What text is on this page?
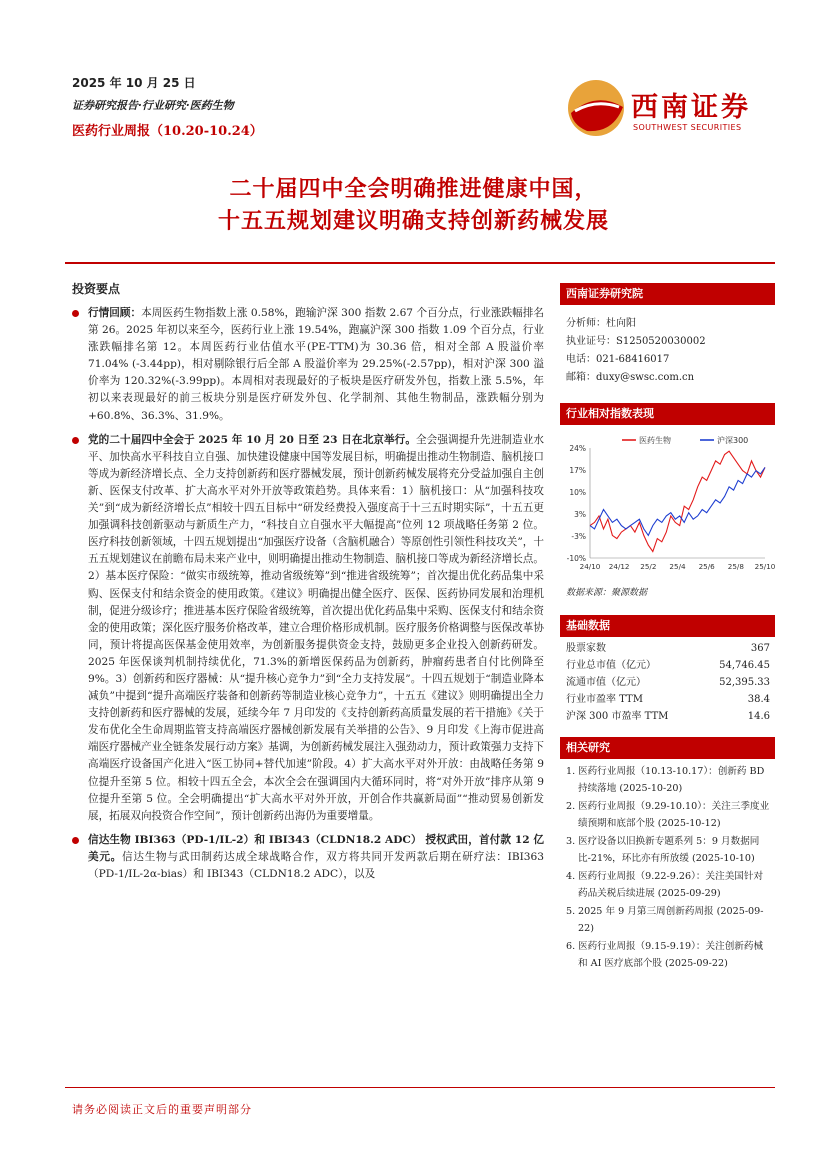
2025 年 10 月 25 日
证券研究报告·行业研究·医药生物
医药行业周报（10.20-10.24）
西南证券
SOUTHWEST SECURITIES
二十届四中全会明确推进健康中国，
十五五规划建议明确支持创新药械发展
投资要点

行情回顾：本周医药生物指数上涨 0.58%，跑输沪深 300 指数 2.67 个百分点，行业涨跌幅排名第 26。2025 年初以来至今，医药行业上涨 19.54%，跑赢沪深 300 指数 1.09 个百分点，行业涨跌幅排名第 12。本周医药行业估值水平(PE-TTM)为 30.36 倍，相对全部 A 股溢价率 71.04% (-3.44pp)，相对剔除银行后全部 A 股溢价率为 29.25%(-2.57pp)，相对沪深 300 溢价率为 120.32%(-3.99pp)。本周相对表现最好的子板块是医疗研发外包，指数上涨 5.5%，年初以来表现最好的前三板块分别是医疗研发外包、化学制剂、其他生物制品，涨跌幅分别为+60.8%、36.3%、31.9%。

党的二十届四中全会于 2025 年 10 月 20 日至 23 日在北京举行。全会强调提升先进制造业水平、加快高水平科技自立自强、加快建设健康中国等发展目标，明确提出推动生物制造、脑机接口等成为新经济增长点、全力支持创新药和医疗器械发展，预计创新药械发展将充分受益加强自主创新、医保支付改革、扩大高水平对外开放等政策趋势。具体来看：1）脑机接口：从“加强科技攻关”到“成为新经济增长点”相较十四五目标中“研发经费投入强度高于十三五时期实际”，十五五更加强调科技创新驱动与新质生产力，“科技自立自强水平大幅提高”位列 12 项战略任务第 2 位。医疗科技创新领域，十四五规划提出“加强医疗设备（含脑机融合）等原创性引领性科技攻关”，十五五规划建议在前瞻布局未来产业中，则明确提出推动生物制造、脑机接口等成为新经济增长点。2）基本医疗保险：“做实市级统筹，推动省级统筹”到“推进省级统筹”；首次提出优化药品集中采购、医保支付和结余资金的使用政策。《建议》明确提出健全医疗、医保、医药协同发展和治理机制，促进分级诊疗；推进基本医疗保险省级统筹，首次提出优化药品集中采购、医保支付和结余资金的使用政策；深化医疗服务价格改革，建立合理价格形成机制。医疗服务价格调整与医保改革协同，预计将提高医保基金使用效率，为创新服务提供资金支持，鼓励更多企业投入创新药研发。2025 年医保谈判机制持续优化，71.3%的新增医保药品为创新药，肿瘤药患者自付比例降至 9%。3）创新药和医疗器械：从“提升核心竞争力”到“全力支持发展”。十四五规划于“制造业降本减负”中提到“提升高端医疗装备和创新药等制造业核心竞争力”，十五五《建议》则明确提出全力支持创新药和医疗器械的发展，延续今年 7 月印发的《支持创新药高质量发展的若干措施》《关于发布优化全生命周期监管支持高端医疗器械创新发展有关举措的公告》、9 月印发《上海市促进高端医疗器械产业全链条发展行动方案》基调，为创新药械发展注入强劲动力，预计政策强力支持下高端医疗设备国产化进入“医工协同+替代加速”阶段。4）扩大高水平对外开放：由战略任务第 9 位提升至第 5 位。相较十四五全会，本次全会在强调国内大循环同时，将“对外开放”排序从第 9 位提升至第 5 位。全会明确提出“扩大高水平对外开放，开创合作共赢新局面”“推动贸易创新发展，拓展双向投资合作空间”，预计创新药出海仍为重要增量。

信达生物 IBI363（PD-1/IL-2）和 IBI343（CLDN18.2 ADC） 授权武田，首付款 12 亿美元。信达生物与武田制药达成全球战略合作，双方将共同开发两款后期在研疗法：IBI363（PD-1/IL-2α-bias）和 IBI343（CLDN18.2 ADC），以及

西南证券研究院
分析师：杜向阳
执业证号：S1250520030002
电话：021-68416017
邮箱：duxy@swsc.com.cn
行业相对指数表现
24%
17%
10%
3%
-3%
-10%
24/10 24/12 25/2 25/4 25/6 25/8 25/10
医药生物	沪深300
数据来源：聚源数据
基础数据
股票家数	367
行业总市值（亿元）	54,746.45
流通市值（亿元）	52,395.33
行业市盈率 TTM	38.4
沪深 300 市盈率 TTM	14.6
相关研究
1. 医药行业周报（10.13-10.17）：创新药 BD 持续落地 (2025-10-20)
2. 医药行业周报（9.29-10.10）：关注三季度业绩预期和底部个股 (2025-10-12)
3. 医疗设备以旧换新专题系列 5：9 月数据同比-21%，环比亦有所放缓 (2025-10-10)
4. 医药行业周报（9.22-9.26）：关注美国针对药品关税后续进展 (2025-09-29)
5. 2025 年 9 月第三周创新药周报 (2025-09-22)
6. 医药行业周报（9.15-9.19）：关注创新药械和 AI 医疗底部个股 (2025-09-22)
请务必阅读正文后的重要声明部分
